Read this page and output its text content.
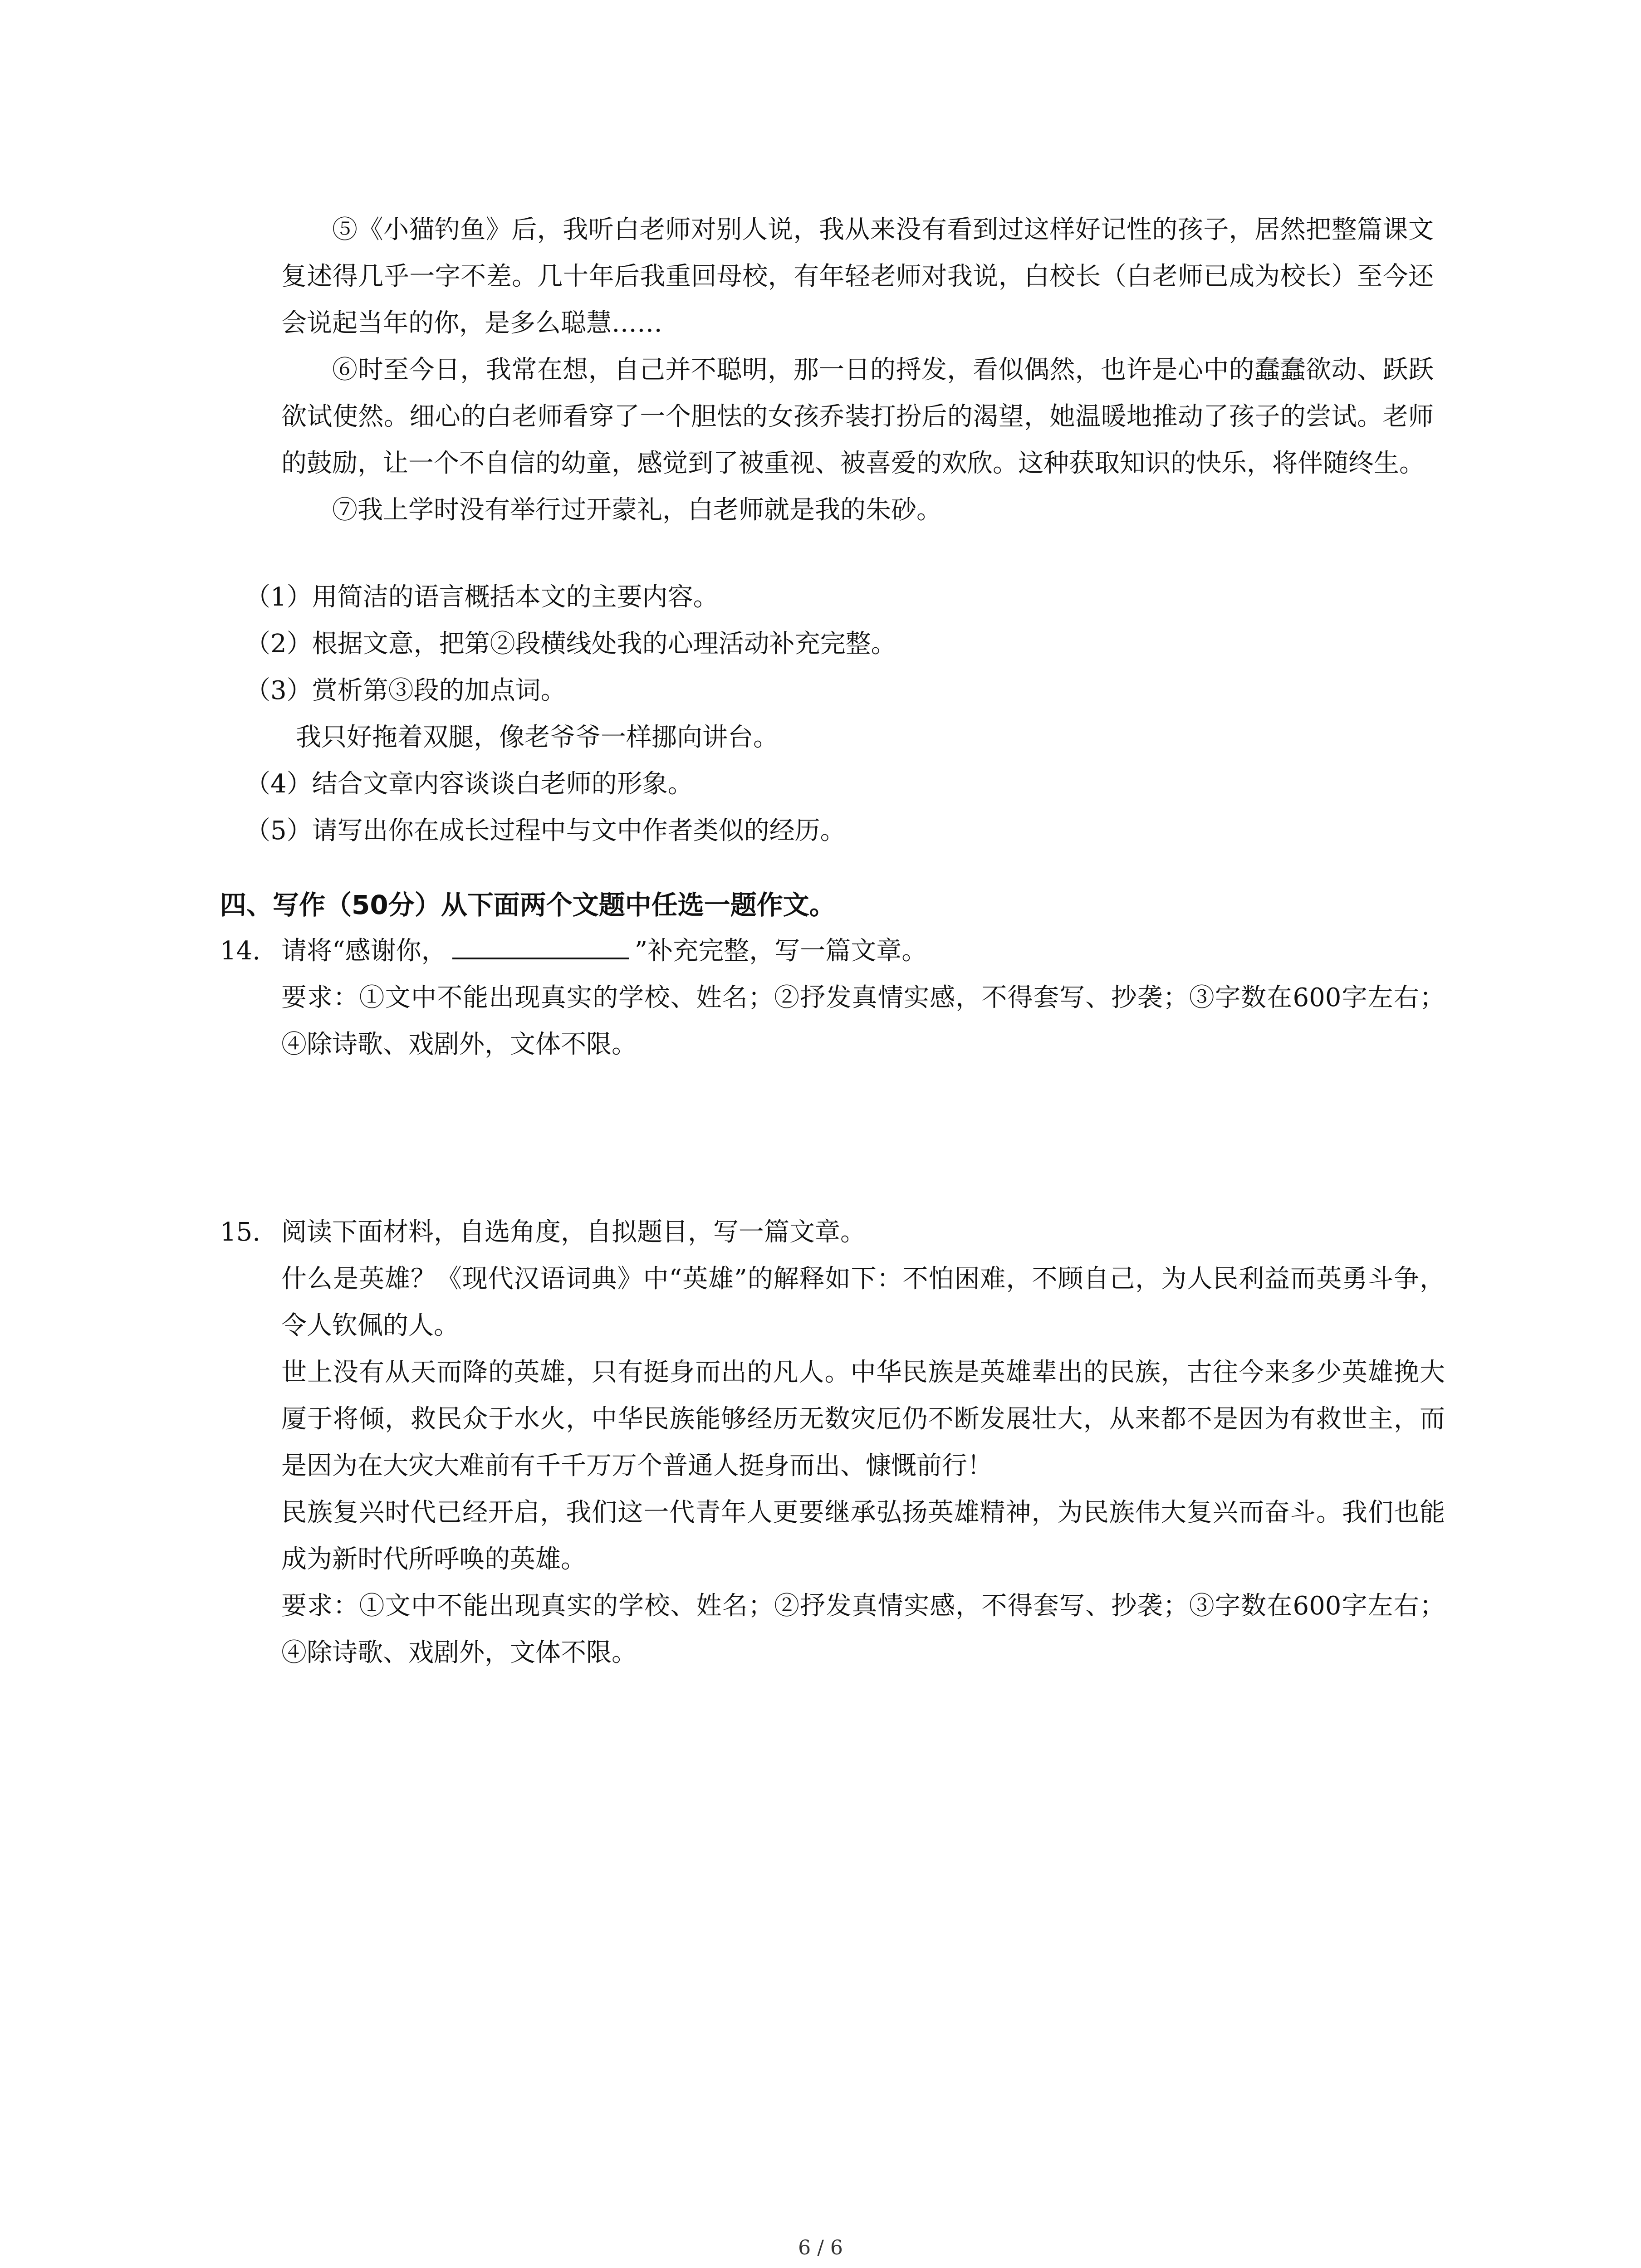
⑤《小猫钓鱼》后，我听白老师对别人说，我从来没有看到过这样好记性的孩子，居然把整篇课文复述得几乎一字不差。几十年后我重回母校，有年轻老师对我说，白校长（白老师已成为校长）至今还会说起当年的你，是多么聪慧……

⑥时至今日，我常在想，自己并不聪明，那一日的捋发，看似偶然，也许是心中的蠢蠢欲动、跃跃欲试使然。细心的白老师看穿了一个胆怯的女孩乔装打扮后的渴望，她温暖地推动了孩子的尝试。老师的鼓励，让一个不自信的幼童，感觉到了被重视、被喜爱的欢欣。这种获取知识的快乐，将伴随终生。

⑦我上学时没有举行过开蒙礼，白老师就是我的朱砂。

（1）用简洁的语言概括本文的主要内容。

（2）根据文意，把第②段横线处我的心理活动补充完整。

（3）赏析第③段的加点词。

我只好拖着双腿，像老爷爷一样挪向讲台。

（4）结合文章内容谈谈白老师的形象。

（5）请写出你在成长过程中与文中作者类似的经历。

四、写作（50分）从下面两个文题中任选一题作文。
14. 请将“感谢你，	”补充完整，写一篇文章。

要求：①文中不能出现真实的学校、姓名；②抒发真情实感，不得套写、抄袭；③字数在600字左右；④除诗歌、戏剧外，文体不限。

15. 阅读下面材料，自选角度，自拟题目，写一篇文章。

什么是英雄？《现代汉语词典》中“英雄”的解释如下：不怕困难，不顾自己，为人民利益而英勇斗争，令人钦佩的人。

世上没有从天而降的英雄，只有挺身而出的凡人。中华民族是英雄辈出的民族，古往今来多少英雄挽大厦于将倾，救民众于水火，中华民族能够经历无数灾厄仍不断发展壮大，从来都不是因为有救世主，而是因为在大灾大难前有千千万万个普通人挺身而出、慷慨前行！

民族复兴时代已经开启，我们这一代青年人更要继承弘扬英雄精神，为民族伟大复兴而奋斗。我们也能成为新时代所呼唤的英雄。

要求：①文中不能出现真实的学校、姓名；②抒发真情实感，不得套写、抄袭；③字数在600字左右；④除诗歌、戏剧外，文体不限。

6 / 6
